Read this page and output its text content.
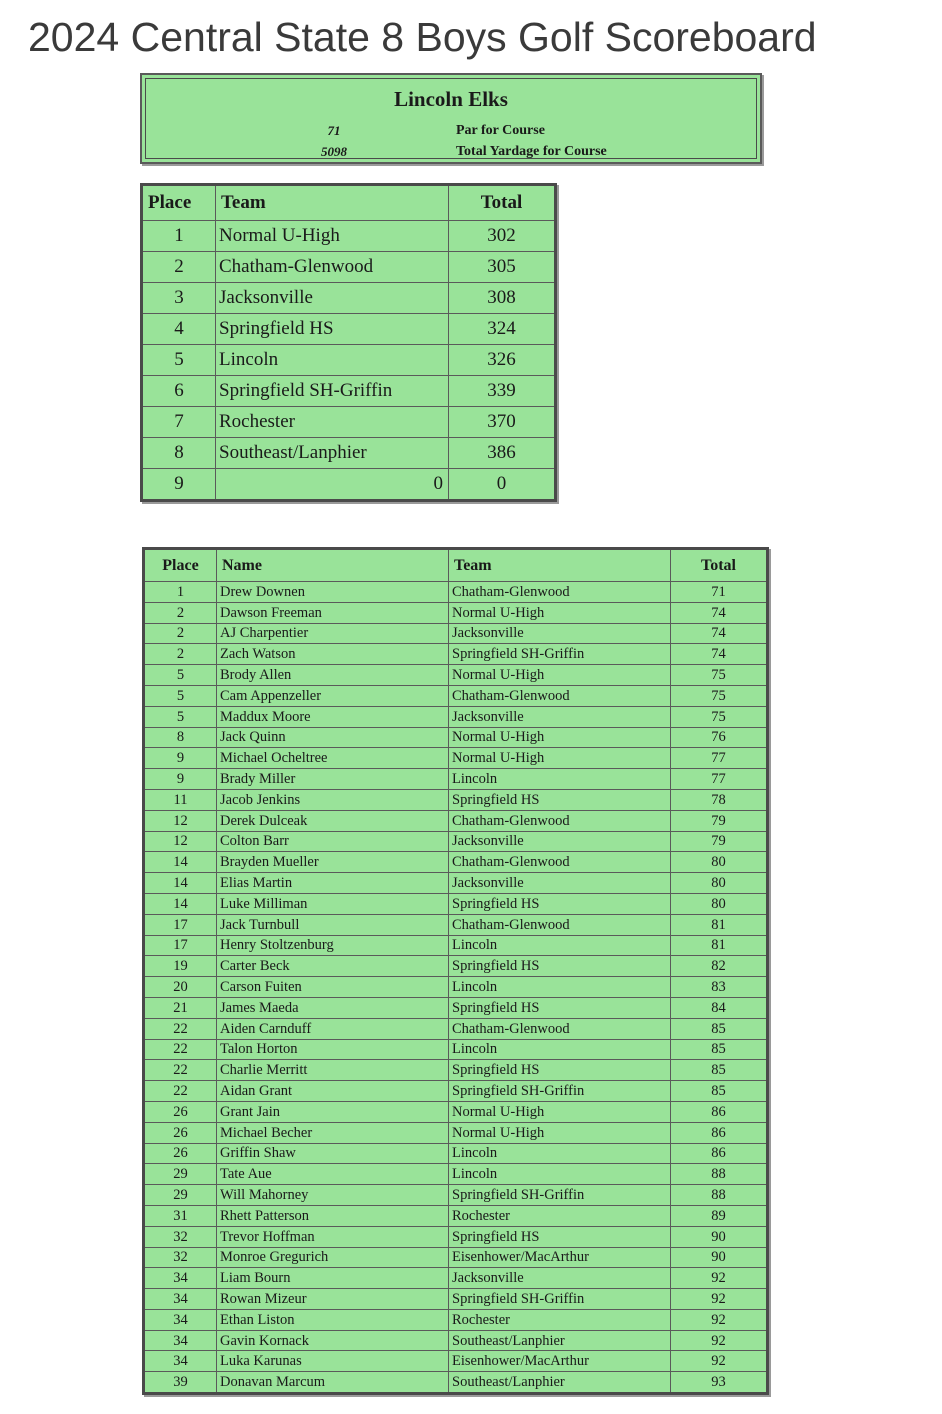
2024 Central State 8 Boys Golf Scoreboard
Lincoln Elks
71	Par for Course
5098	Total Yardage for Course
Place	Team	Total
1	Normal U-High	302
2	Chatham-Glenwood	305
3	Jacksonville	308
4	Springfield HS	324
5	Lincoln	326
6	Springfield SH-Griffin	339
7	Rochester	370
8	Southeast/Lanphier	386
9	0	0
Place	Name	Team	Total
1	Drew Downen	Chatham-Glenwood	71
2	Dawson Freeman	Normal U-High	74
2	AJ Charpentier	Jacksonville	74
2	Zach Watson	Springfield SH-Griffin	74
5	Brody Allen	Normal U-High	75
5	Cam Appenzeller	Chatham-Glenwood	75
5	Maddux Moore	Jacksonville	75
8	Jack Quinn	Normal U-High	76
9	Michael Ocheltree	Normal U-High	77
9	Brady Miller	Lincoln	77
11	Jacob Jenkins	Springfield HS	78
12	Derek Dulceak	Chatham-Glenwood	79
12	Colton Barr	Jacksonville	79
14	Brayden Mueller	Chatham-Glenwood	80
14	Elias Martin	Jacksonville	80
14	Luke Milliman	Springfield HS	80
17	Jack Turnbull	Chatham-Glenwood	81
17	Henry Stoltzenburg	Lincoln	81
19	Carter Beck	Springfield HS	82
20	Carson Fuiten	Lincoln	83
21	James Maeda	Springfield HS	84
22	Aiden Carnduff	Chatham-Glenwood	85
22	Talon Horton	Lincoln	85
22	Charlie Merritt	Springfield HS	85
22	Aidan Grant	Springfield SH-Griffin	85
26	Grant Jain	Normal U-High	86
26	Michael Becher	Normal U-High	86
26	Griffin Shaw	Lincoln	86
29	Tate Aue	Lincoln	88
29	Will Mahorney	Springfield SH-Griffin	88
31	Rhett Patterson	Rochester	89
32	Trevor Hoffman	Springfield HS	90
32	Monroe Gregurich	Eisenhower/MacArthur	90
34	Liam Bourn	Jacksonville	92
34	Rowan Mizeur	Springfield SH-Griffin	92
34	Ethan Liston	Rochester	92
34	Gavin Kornack	Southeast/Lanphier	92
34	Luka Karunas	Eisenhower/MacArthur	92
39	Donavan Marcum	Southeast/Lanphier	93
